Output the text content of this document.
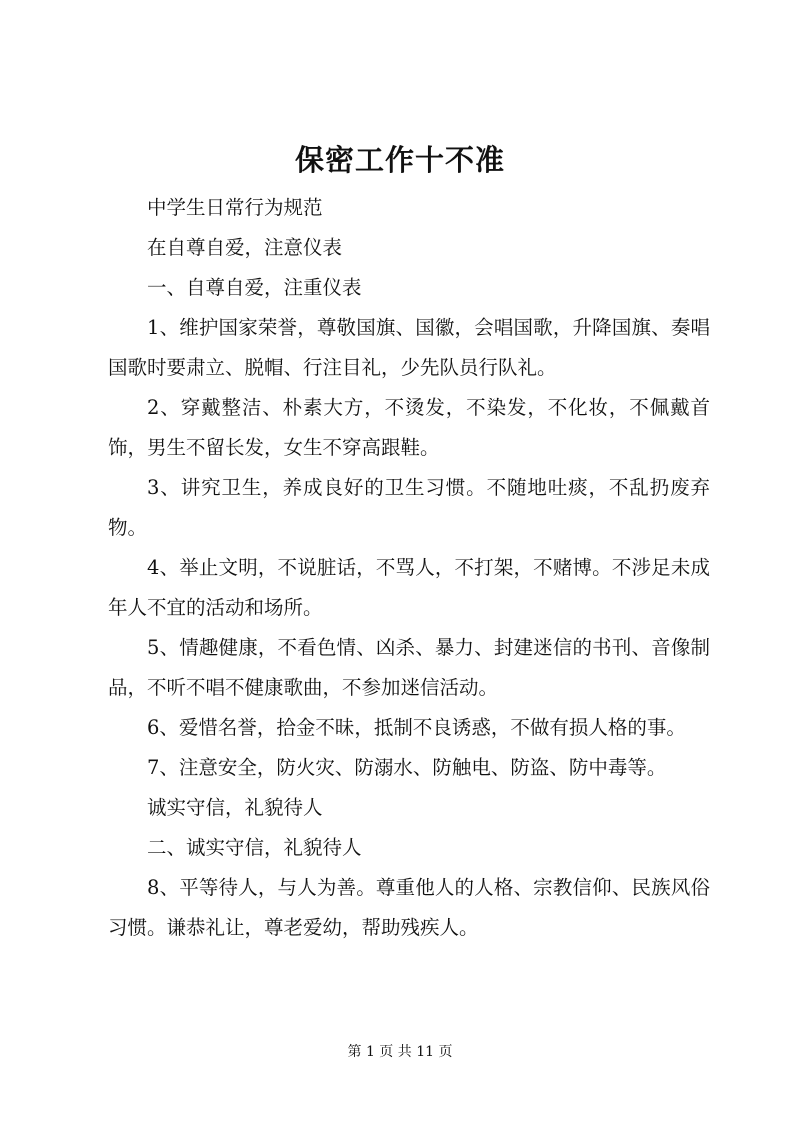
保密工作十不准

中学生日常行为规范

在自尊自爱，注意仪表

一、自尊自爱，注重仪表

1、维护国家荣誉，尊敬国旗、国徽，会唱国歌，升降国旗、奏唱国歌时要肃立、脱帽、行注目礼，少先队员行队礼。

2、穿戴整洁、朴素大方，不烫发，不染发，不化妆，不佩戴首饰，男生不留长发，女生不穿高跟鞋。

3、讲究卫生，养成良好的卫生习惯。不随地吐痰，不乱扔废弃物。

4、举止文明，不说脏话，不骂人，不打架，不赌博。不涉足未成年人不宜的活动和场所。

5、情趣健康，不看色情、凶杀、暴力、封建迷信的书刊、音像制品，不听不唱不健康歌曲，不参加迷信活动。

6、爱惜名誉，拾金不昧，抵制不良诱惑，不做有损人格的事。

7、注意安全，防火灾、防溺水、防触电、防盗、防中毒等。

诚实守信，礼貌待人

二、诚实守信，礼貌待人

8、平等待人，与人为善。尊重他人的人格、宗教信仰、民族风俗习惯。谦恭礼让，尊老爱幼，帮助残疾人。

第 1 页 共 11 页
